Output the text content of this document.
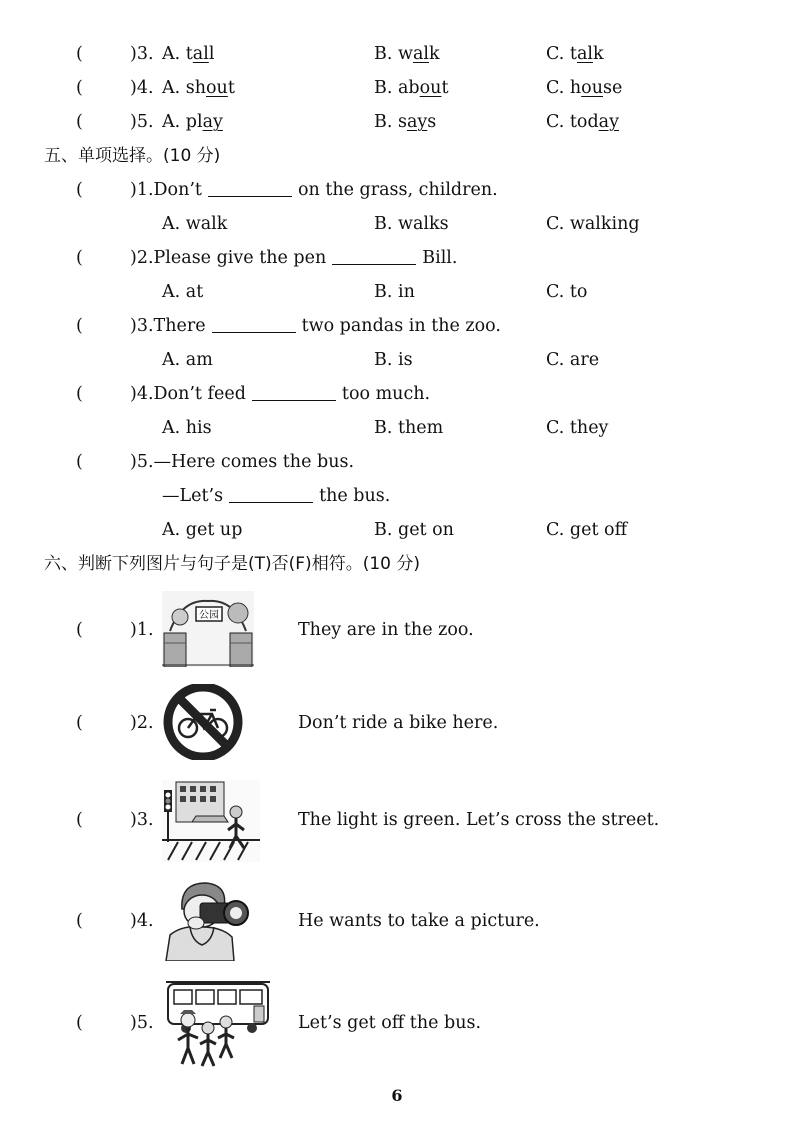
(	)3. A. tall	B. walk	C. talk
(	)4. A. shout	B. about	C. house
(	)5. A. play	B. says	C. today
五、单项选择。(10 分)
(	)1.Don’t	on the grass, children.
A. walk	B. walks	C. walking
(	)2.Please give the pen	Bill.
A. at	B. in	C. to
(	)3.There	two pandas in the zoo.
A. am	B. is	C. are
(	)4.Don’t feed	too much.
A. his	B. them	C. they
(	)5.—Here comes the bus.
—Let’s	the bus.
A. get up	B. get on	C. get off
六、判断下列图片与句子是(T)否(F)相符。(10 分)
(	)1.	They are in the zoo.
公园
(	)2.	Don’t ride a bike here.
(	)3.	The light is green. Let’s cross the street.
(	)4.	He wants to take a picture.
(	)5.	Let’s get off the bus.
6
